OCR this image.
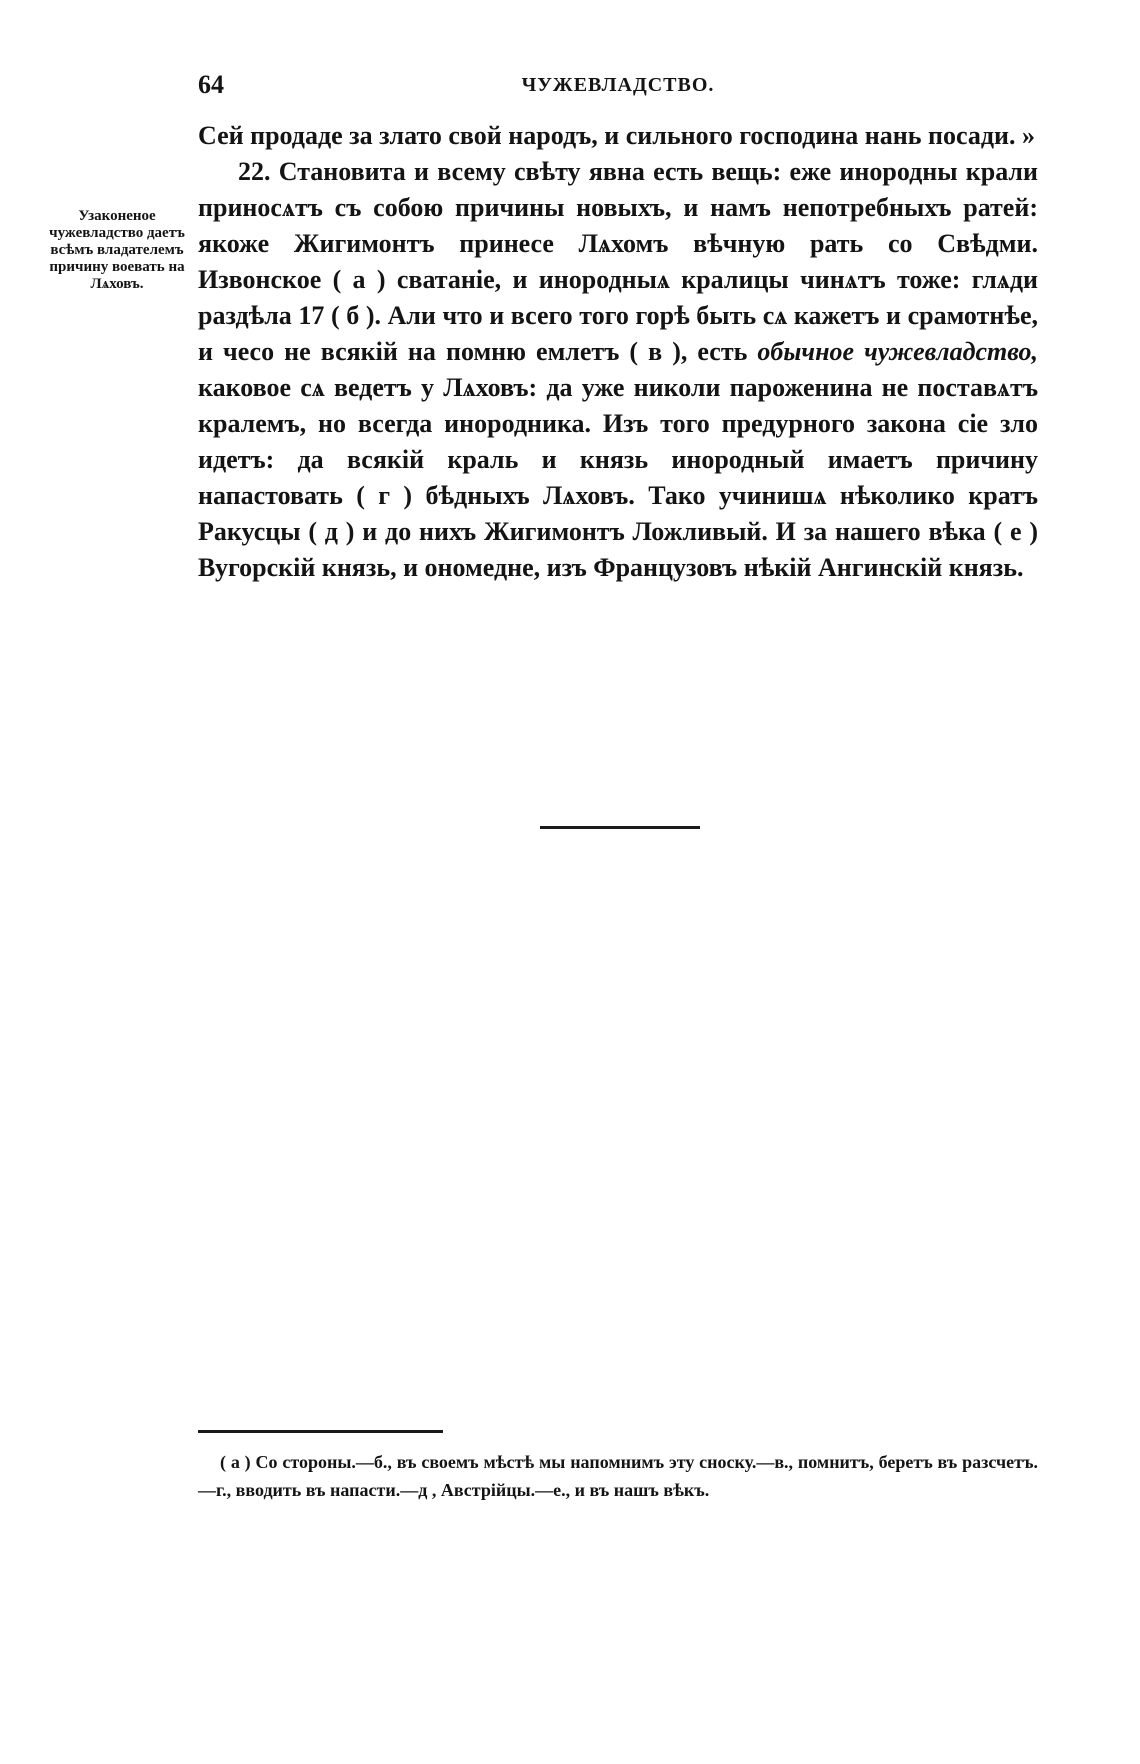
64	ЧУЖЕВЛАДСТВО.
Узаконеное чужевладство даетъ всѣмъ владателемъ причину воевать на Лѧховъ.

Сей продаде за злато свой народъ, и сильного господина нань посади. »

22. Становита и всему свѣту явна есть вещь: еже инородны крали приносѧтъ съ собою причины новыхъ, и намъ непотребныхъ ратей: якоже Жигимонтъ принесе Лѧхомъ вѣчную рать со Свѣдми. Извонское ( а ) сватаніе, и инородныѧ кралицы чинѧтъ тоже: глѧди раздѣла 17 ( б ). Али что и всего того горѣ быть сѧ кажетъ и срамотнѣе, и чесо не всякій на помню емлетъ ( в ), есть обычное чужевладство, каковое сѧ ведетъ у Лѧховъ: да уже николи пароженина не поставѧтъ кралемъ, но всегда инородника. Изъ того предурного закона сіе зло идетъ: да всякій краль и князь инородный имаетъ причину напастовать ( г ) бѣдныхъ Лѧховъ. Тако учинишѧ нѣколико кратъ Ракусцы ( д ) и до нихъ Жигимонтъ Ложливый. И за нашего вѣка ( е ) Вугорскій князь, и ономедне, изъ Французовъ нѣкій Ангинскій князь.

( а ) Со стороны.—б., въ своемъ мѣстѣ мы напомнимъ эту сноску.—в., помнитъ, беретъ въ разсчетъ.—г., вводить въ напасти.—д , Австрійцы.—е., и въ нашъ вѣкъ.
